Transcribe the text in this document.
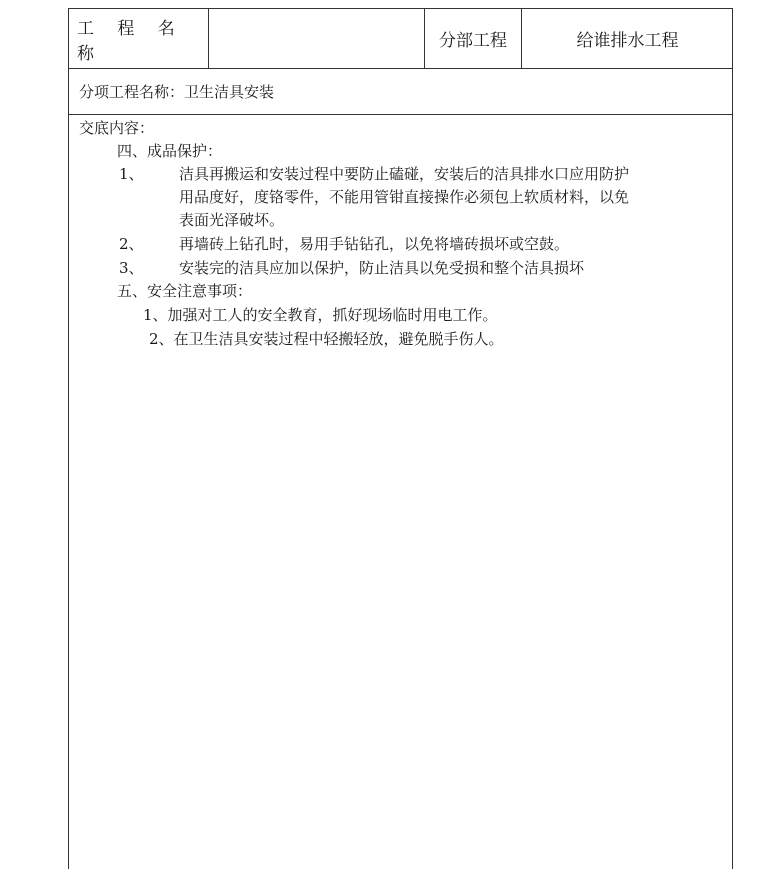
工 程 名 称
分部工程	给谁排水工程
分项工程名称：卫生洁具安装
交底内容：
四、成品保护：
1、 洁具再搬运和安装过程中要防止磕碰，安装后的洁具排水口应用防护
用品度好，度铬零件，不能用管钳直接操作必须包上软质材料，以免
表面光泽破坏。
2、 再墙砖上钻孔时，易用手钻钻孔，以免将墙砖损坏或空鼓。
3、 安装完的洁具应加以保护，防止洁具以免受损和整个洁具损坏
五、安全注意事项：
1、加强对工人的安全教育，抓好现场临时用电工作。
2、在卫生洁具安装过程中轻搬轻放，避免脱手伤人。
